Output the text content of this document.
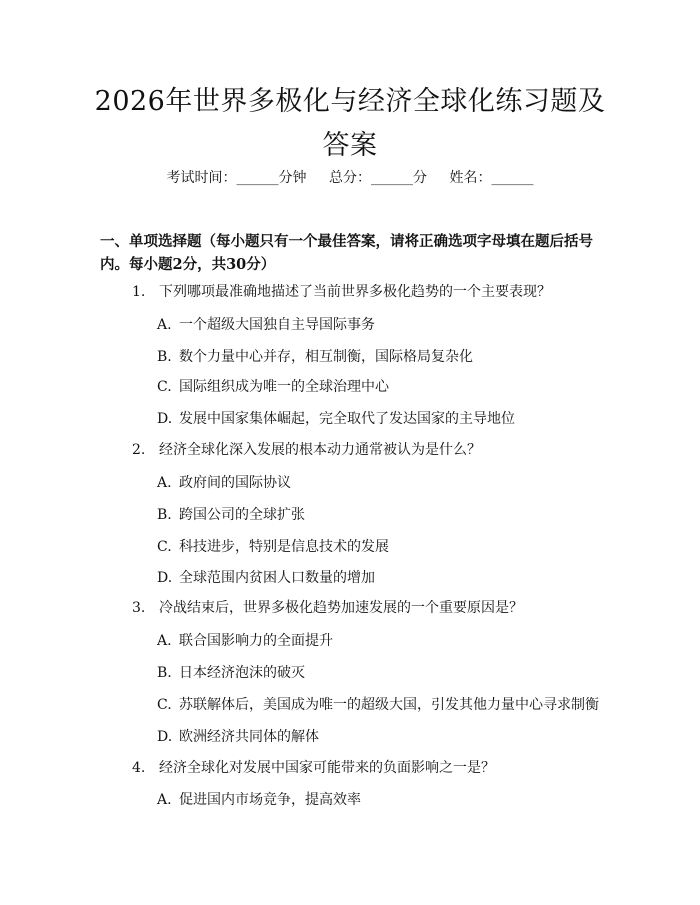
2026年世界多极化与经济全球化练习题及答案
考试时间：______分钟 总分：______分 姓名：______
一、单项选择题（每小题只有一个最佳答案，请将正确选项字母填在题后括号内。每小题2分，共30分）
1. 下列哪项最准确地描述了当前世界多极化趋势的一个主要表现？
A. 一个超级大国独自主导国际事务
B. 数个力量中心并存，相互制衡，国际格局复杂化
C. 国际组织成为唯一的全球治理中心
D. 发展中国家集体崛起，完全取代了发达国家的主导地位
2. 经济全球化深入发展的根本动力通常被认为是什么？
A. 政府间的国际协议
B. 跨国公司的全球扩张
C. 科技进步，特别是信息技术的发展
D. 全球范围内贫困人口数量的增加
3. 冷战结束后，世界多极化趋势加速发展的一个重要原因是？
A. 联合国影响力的全面提升
B. 日本经济泡沫的破灭
C. 苏联解体后，美国成为唯一的超级大国，引发其他力量中心寻求制衡
D. 欧洲经济共同体的解体
4. 经济全球化对发展中国家可能带来的负面影响之一是？
A. 促进国内市场竞争，提高效率
